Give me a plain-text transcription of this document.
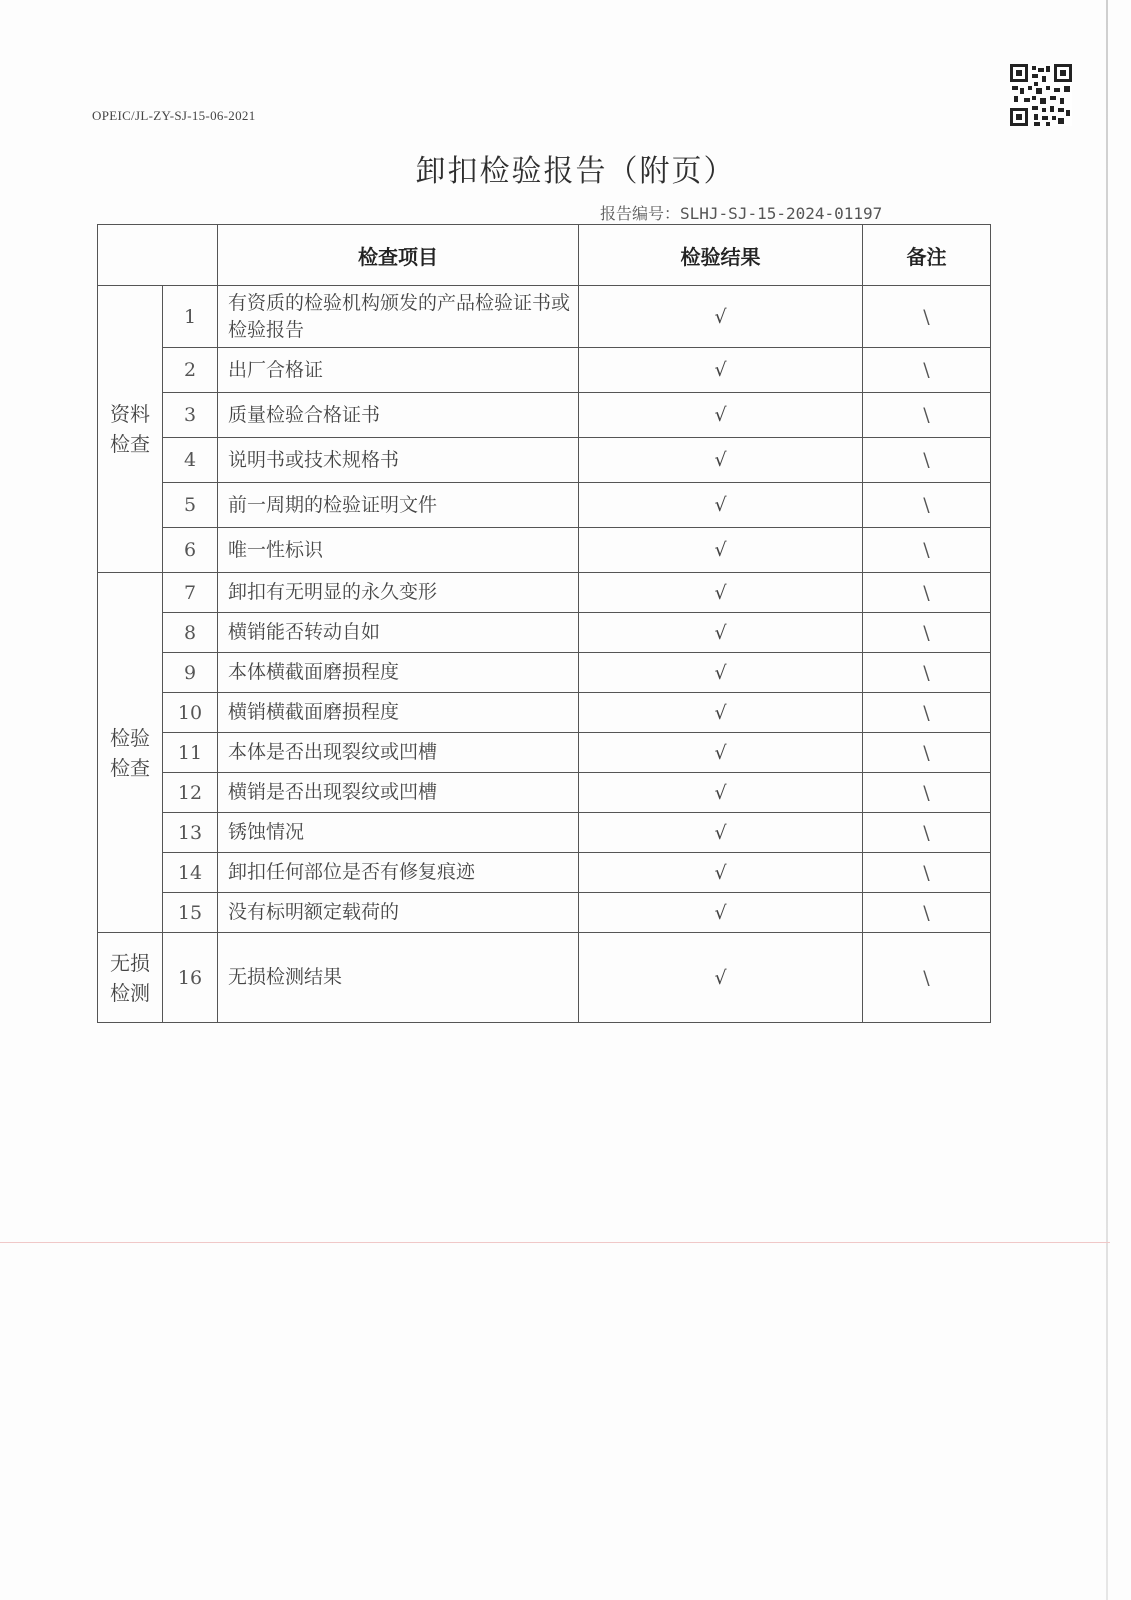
OPEIC/JL-ZY-SJ-15-06-2021
卸扣检验报告（附页）
报告编号：SLHJ-SJ-15-2024-01197

		检查项目	检验结果	备注
资料
检查	1	有资质的检验机构颁发的产品检验证书或检验报告	√	\
	2	出厂合格证	√	\
	3	质量检验合格证书	√	\
	4	说明书或技术规格书	√	\
	5	前一周期的检验证明文件	√	\
	6	唯一性标识	√	\
检验
检查	7	卸扣有无明显的永久变形	√	\
	8	横销能否转动自如	√	\
	9	本体横截面磨损程度	√	\
	10	横销横截面磨损程度	√	\
	11	本体是否出现裂纹或凹槽	√	\
	12	横销是否出现裂纹或凹槽	√	\
	13	锈蚀情况	√	\
	14	卸扣任何部位是否有修复痕迹	√	\
	15	没有标明额定载荷的	√	\
无损
检测	16	无损检测结果	√	\
